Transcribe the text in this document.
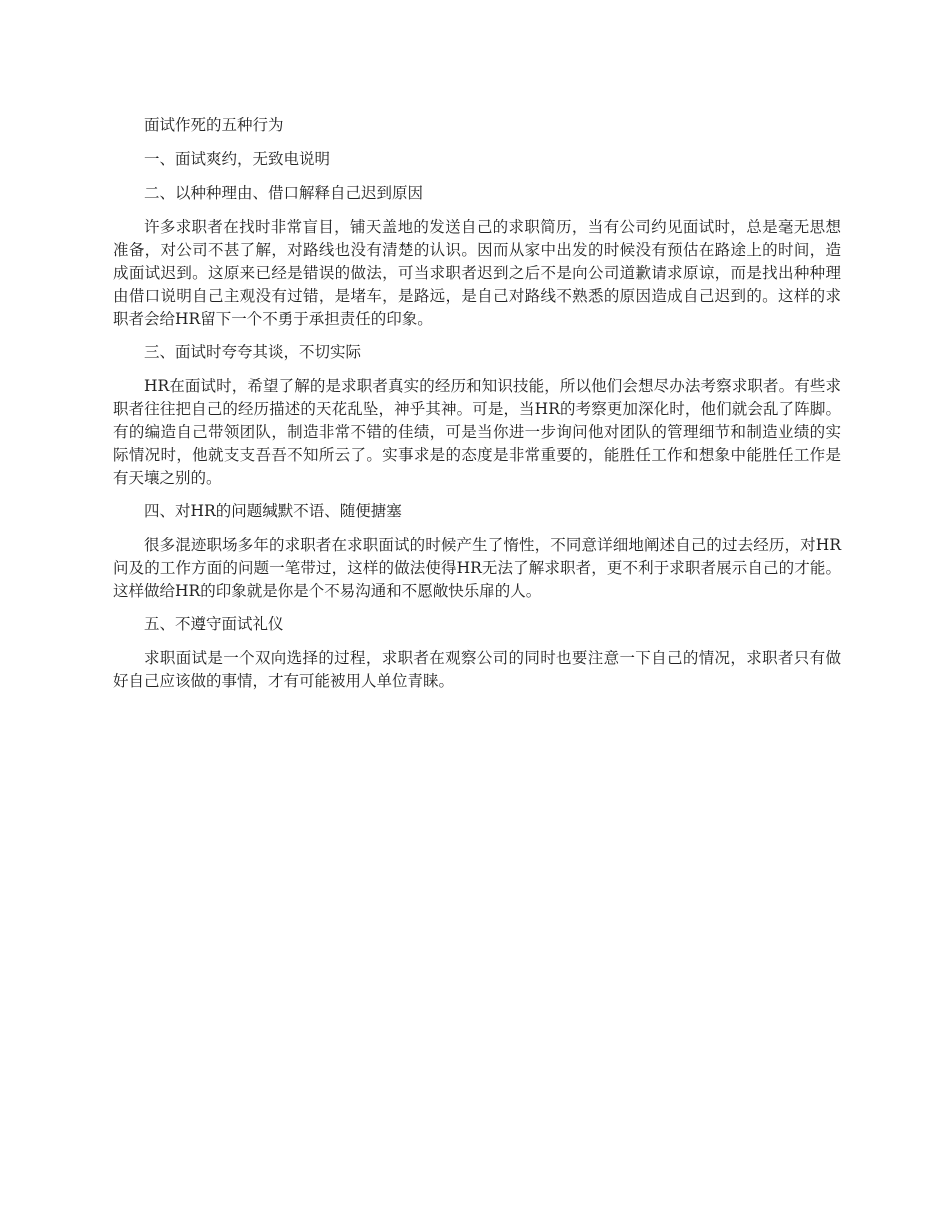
面试作死的五种行为

一、面试爽约，无致电说明

二、以种种理由、借口解释自己迟到原因

许多求职者在找时非常盲目，铺天盖地的发送自己的求职简历，当有公司约见面试时，总是毫无思想准备，对公司不甚了解，对路线也没有清楚的认识。因而从家中出发的时候没有预估在路途上的时间，造成面试迟到。这原来已经是错误的做法，可当求职者迟到之后不是向公司道歉请求原谅，而是找出种种理由借口说明自己主观没有过错，是堵车，是路远，是自己对路线不熟悉的原因造成自己迟到的。这样的求职者会给HR留下一个不勇于承担责任的印象。

三、面试时夸夸其谈，不切实际

HR在面试时，希望了解的是求职者真实的经历和知识技能，所以他们会想尽办法考察求职者。有些求职者往往把自己的经历描述的天花乱坠，神乎其神。可是，当HR的考察更加深化时，他们就会乱了阵脚。有的编造自己带领团队，制造非常不错的佳绩，可是当你进一步询问他对团队的管理细节和制造业绩的实际情况时，他就支支吾吾不知所云了。实事求是的态度是非常重要的，能胜任工作和想象中能胜任工作是有天壤之别的。

四、对HR的问题缄默不语、随便搪塞

很多混迹职场多年的求职者在求职面试的时候产生了惰性，不同意详细地阐述自己的过去经历，对HR问及的工作方面的问题一笔带过，这样的做法使得HR无法了解求职者，更不利于求职者展示自己的才能。这样做给HR的印象就是你是个不易沟通和不愿敞快乐扉的人。

五、不遵守面试礼仪

求职面试是一个双向选择的过程，求职者在观察公司的同时也要注意一下自己的情况，求职者只有做好自己应该做的事情，才有可能被用人单位青睐。
